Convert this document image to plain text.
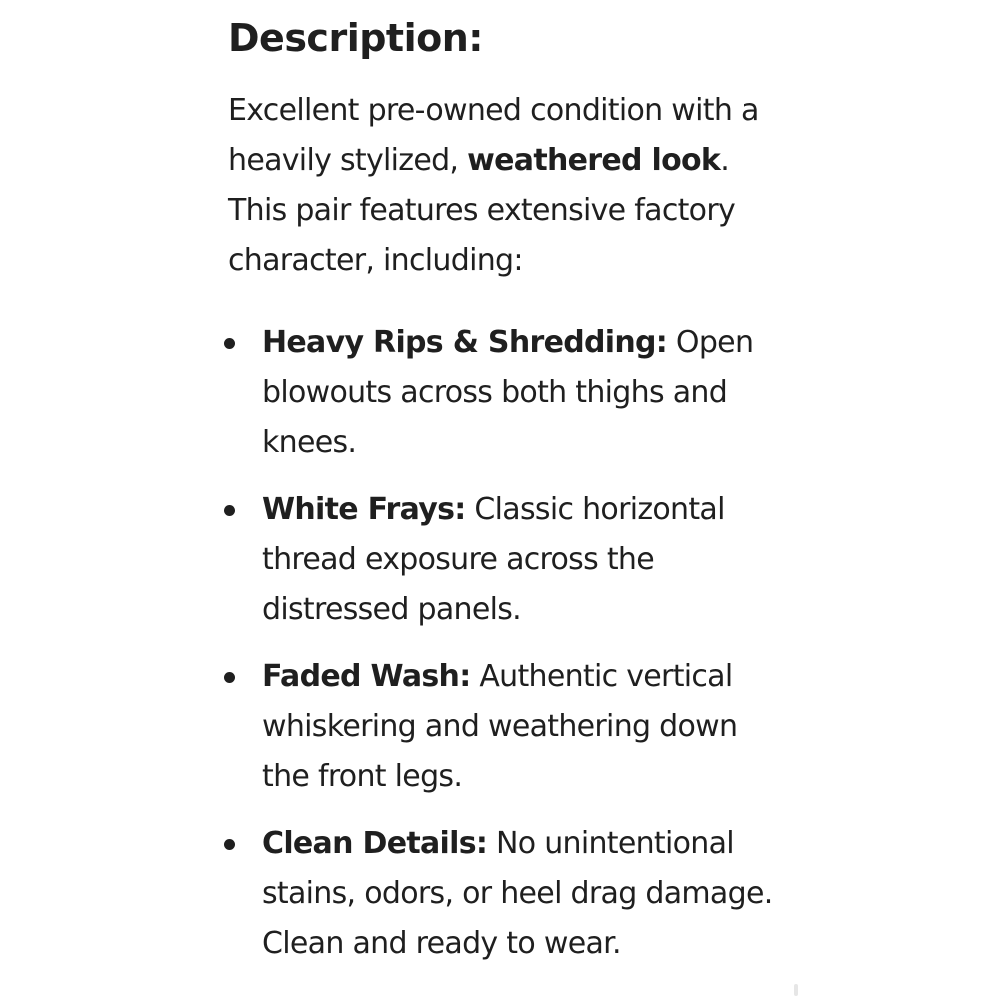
Description:

Excellent pre-owned condition with a heavily stylized, weathered look. This pair features extensive factory character, including:

Heavy Rips & Shredding: Open blowouts across both thighs and knees.
White Frays: Classic horizontal thread exposure across the distressed panels.
Faded Wash: Authentic vertical whiskering and weathering down the front legs.
Clean Details: No unintentional stains, odors, or heel drag damage. Clean and ready to wear.
